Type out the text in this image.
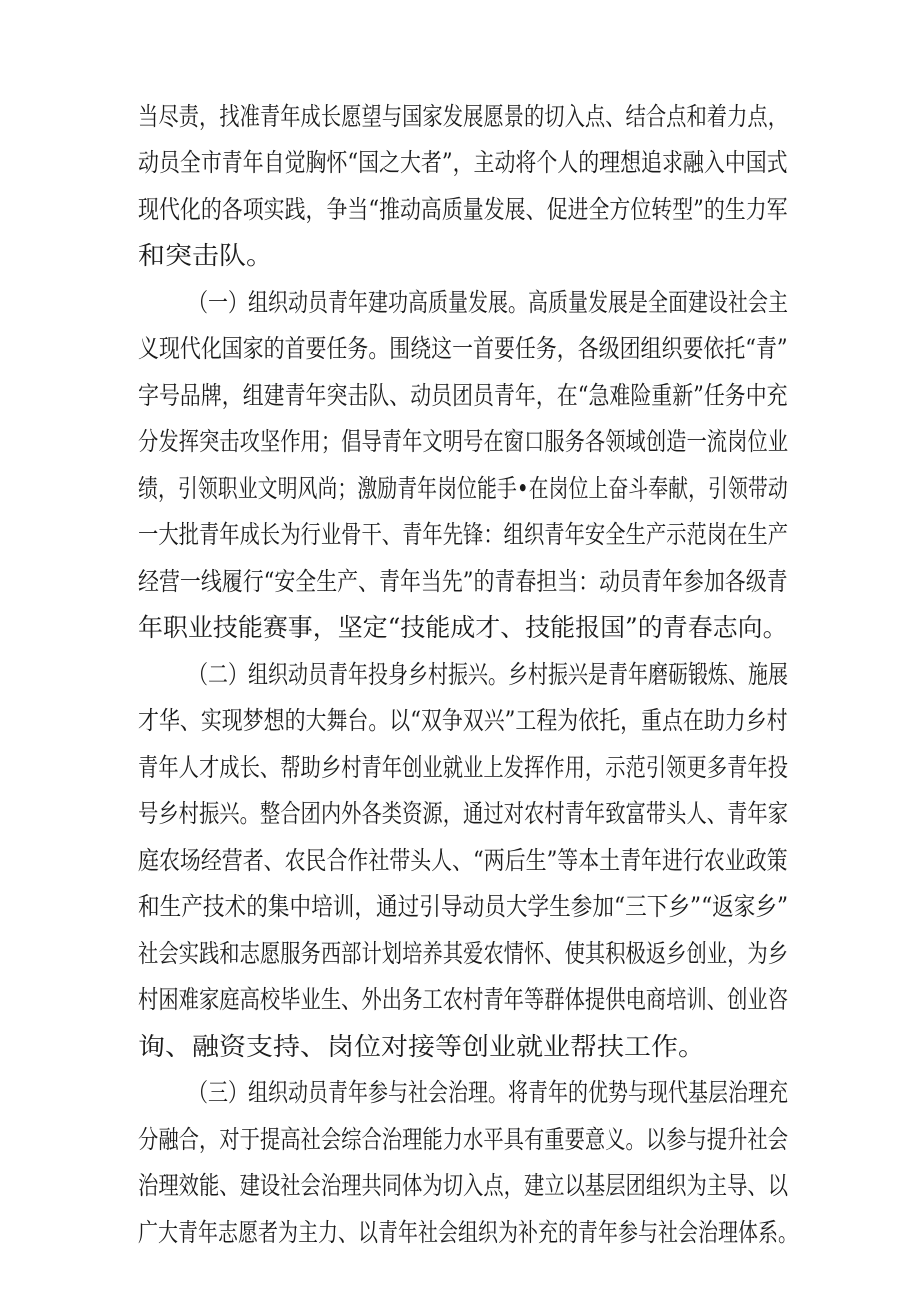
当尽责，找准青年成长愿望与国家发展愿景的切入点、结合点和着力点，
动员全市青年自觉胸怀“国之大者”，主动将个人的理想追求融入中国式
现代化的各项实践，争当“推动高质量发展、促进全方位转型”的生力军
和突击队。
（一）组织动员青年建功高质量发展。高质量发展是全面建设社会主
义现代化国家的首要任务。围绕这一首要任务，各级团组织要依托“青”
字号品牌，组建青年突击队、动员团员青年，在“急难险重新”任务中充
分发挥突击攻坚作用；倡导青年文明号在窗口服务各领域创造一流岗位业
绩，引领职业文明风尚；激励青年岗位能手•在岗位上奋斗奉献，引领带动
一大批青年成长为行业骨干、青年先锋：组织青年安全生产示范岗在生产
经营一线履行“安全生产、青年当先”的青春担当：动员青年参加各级青
年职业技能赛事，坚定“技能成才、技能报国”的青春志向。
（二）组织动员青年投身乡村振兴。乡村振兴是青年磨砺锻炼、施展
才华、实现梦想的大舞台。以“双争双兴”工程为依托，重点在助力乡村
青年人才成长、帮助乡村青年创业就业上发挥作用，示范引领更多青年投
号乡村振兴。整合团内外各类资源，通过对农村青年致富带头人、青年家
庭农场经营者、农民合作社带头人、“两后生”等本土青年进行农业政策
和生产技术的集中培训，通过引导动员大学生参加“三下乡”“返家乡”
社会实践和志愿服务西部计划培养其爱农情怀、使其积极返乡创业，为乡
村困难家庭高校毕业生、外出务工农村青年等群体提供电商培训、创业咨
询、融资支持、岗位对接等创业就业帮扶工作。
（三）组织动员青年参与社会治理。将青年的优势与现代基层治理充
分融合，对于提高社会综合治理能力水平具有重要意义。以参与提升社会
治理效能、建设社会治理共同体为切入点，建立以基层团组织为主导、以
广大青年志愿者为主力、以青年社会组织为补充的青年参与社会治理体系。
